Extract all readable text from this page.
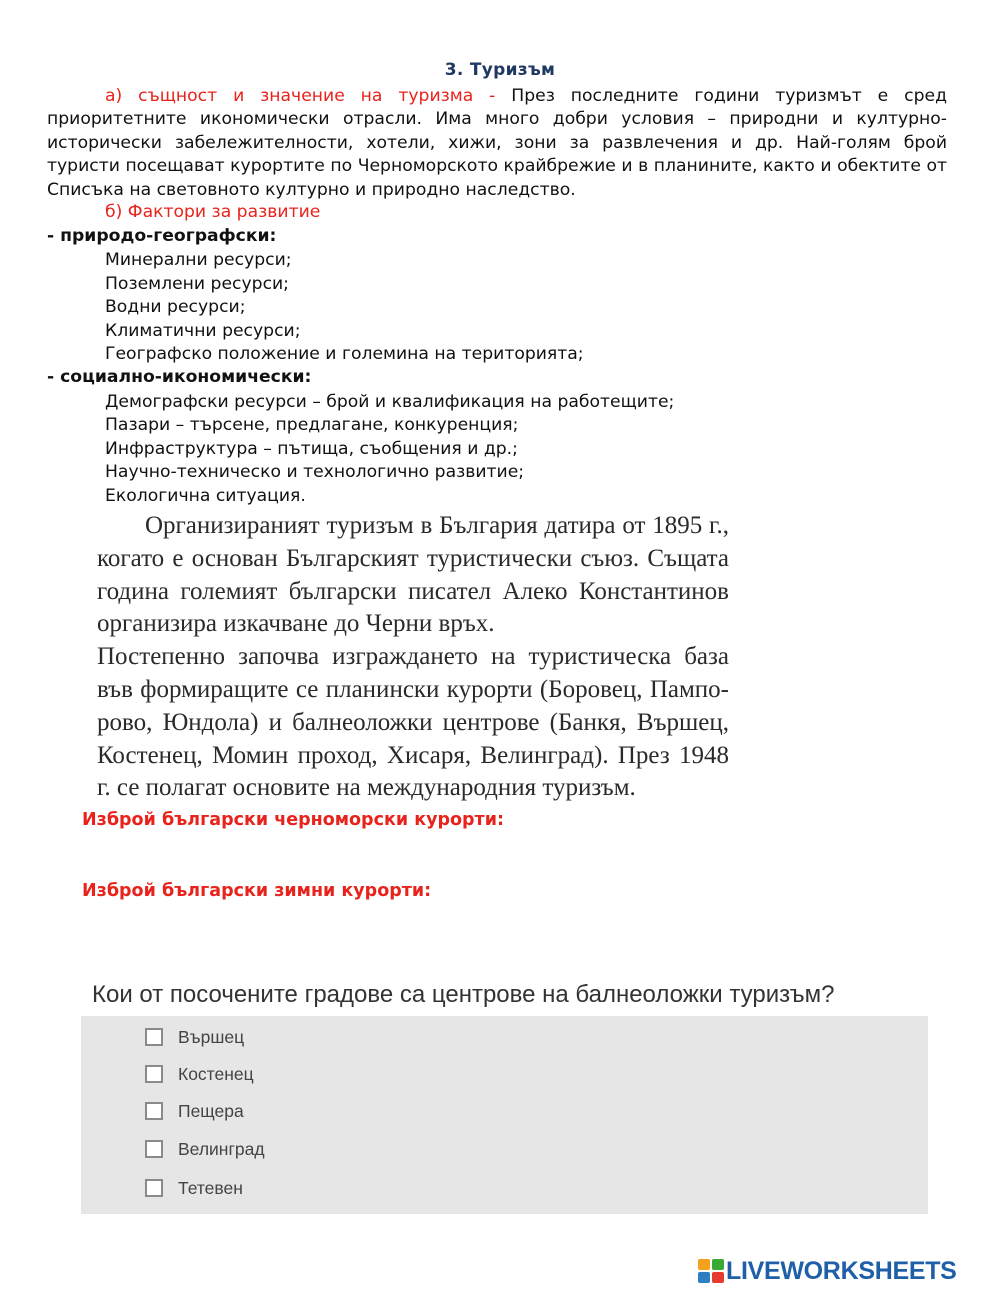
3. Туризъм
а) същност и значение на туризма - През последните години туризмът е сред приоритетните икономически отрасли. Има много добри условия – природни и културно-исторически забележителности, хотели, хижи, зони за развлечения и др. Най-голям брой туристи посещават курортите по Черноморското крайбрежие и в планините, както и обектите от Списъка на световното културно и природно наследство.
б) Фактори за развитие
- природо-географски:
Минерални ресурси;
Поземлени ресурси;
Водни ресурси;
Климатични ресурси;
Географско положение и големина на територията;
- социално-икономически:
Демографски ресурси – брой и квалификация на работещите;
Пазари – търсене, предлагане, конкуренция;
Инфраструктура – пътища, съобщения и др.;
Научно-техническо и технологично развитие;
Екологична ситуация.
Организираният туризъм в България датира от 1895 г.,
когато е основан Българският туристически съюз. Същата
година големият български писател Алеко Константинов
организира изкачване до Черни връх.
Постепенно започва изграждането на туристическа база
във формиращите се планински курорти (Боровец, Пампо-
рово, Юндола) и балнеоложки центрове (Банкя, Вършец,
Костенец, Момин проход, Хисаря, Велинград). През 1948
г. се полагат основите на международния туризъм.
Изброй български черноморски курорти:
Изброй български зимни курорти:
Кои от посочените градове са центрове на балнеоложки туризъм?
Вършец
Костенец
Пещера
Велинград
Тетевен
LIVEWORKSHEETS
